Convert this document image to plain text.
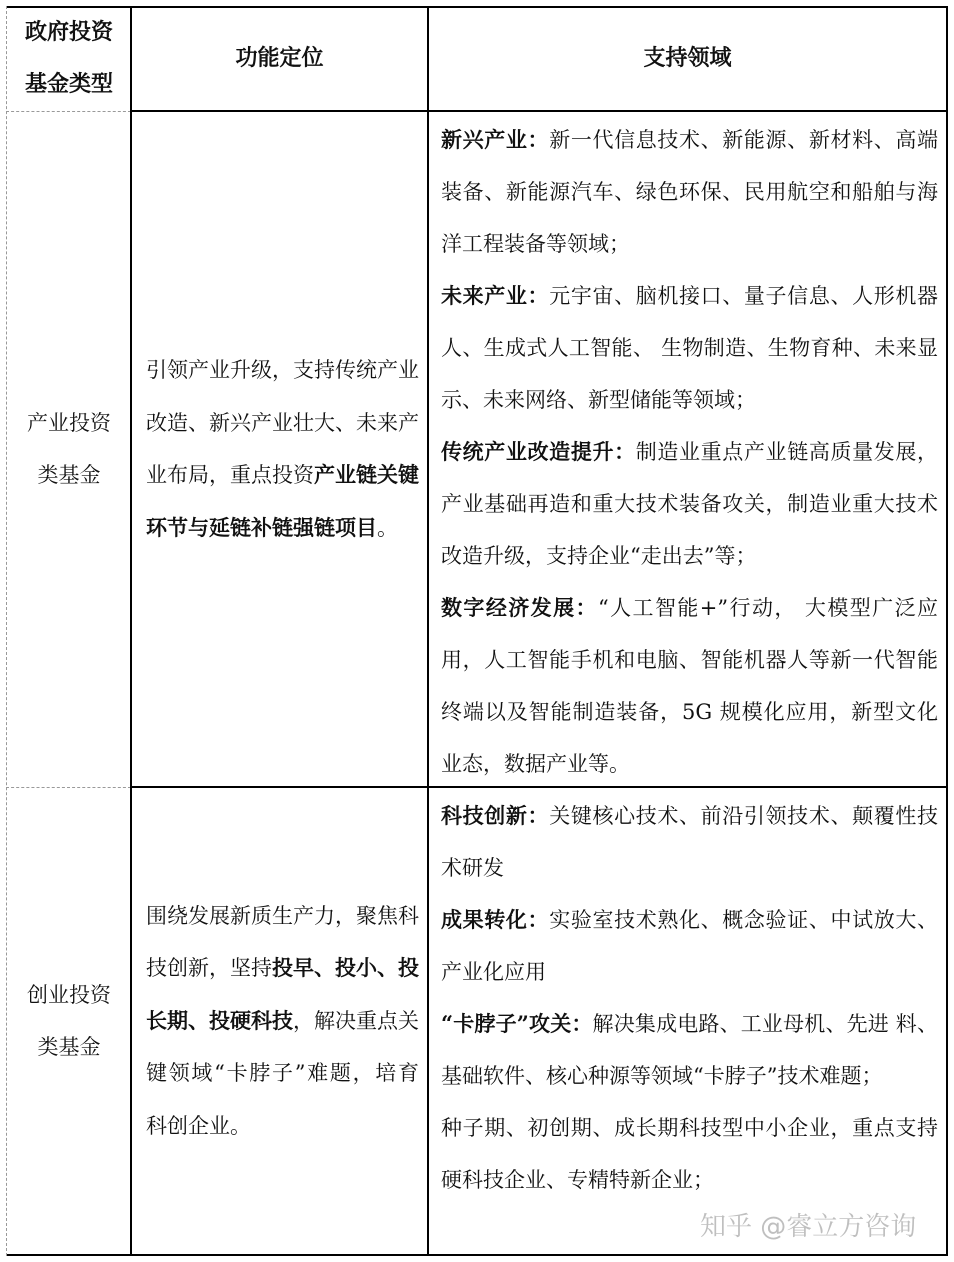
政府投资
基金类型
功能定位	支持领域
产业投资
类基金
引领产业升级，支持传统产业改造、新兴产业壮大、未来产业布局，重点投资产业链关键环节与延链补链强链项目。

新兴产业：新一代信息技术、新能源、新材料、高端装备、新能源汽车、绿色环保、民用航空和船舶与海洋工程装备等领域；

未来产业：元宇宙、脑机接口、量子信息、人形机器人、生成式人工智能、 生物制造、生物育种、未来显示、未来网络、新型储能等领域；

传统产业改造提升：制造业重点产业链高质量发展，产业基础再造和重大技术装备攻关，制造业重大技术改造升级，支持企业“走出去”等；

数字经济发展：“人工智能+”行动， 大模型广泛应用，人工智能手机和电脑、智能机器人等新一代智能终端以及智能制造装备，5G 规模化应用，新型文化业态，数据产业等。

创业投资
类基金
围绕发展新质生产力，聚焦科技创新，坚持投早、投小、投长期、投硬科技，解决重点关键领域“卡脖子”难题，培育科创企业。

科技创新：关键核心技术、前沿引领技术、颠覆性技术研发

成果转化：实验室技术熟化、概念验证、中试放大、产业化应用

“卡脖子”攻关：解决集成电路、工业母机、先进 料、基础软件、核心种源等领域“卡脖子”技术难题；

种子期、初创期、成长期科技型中小企业，重点支持硬科技企业、专精特新企业；

知乎 @睿立方咨询
